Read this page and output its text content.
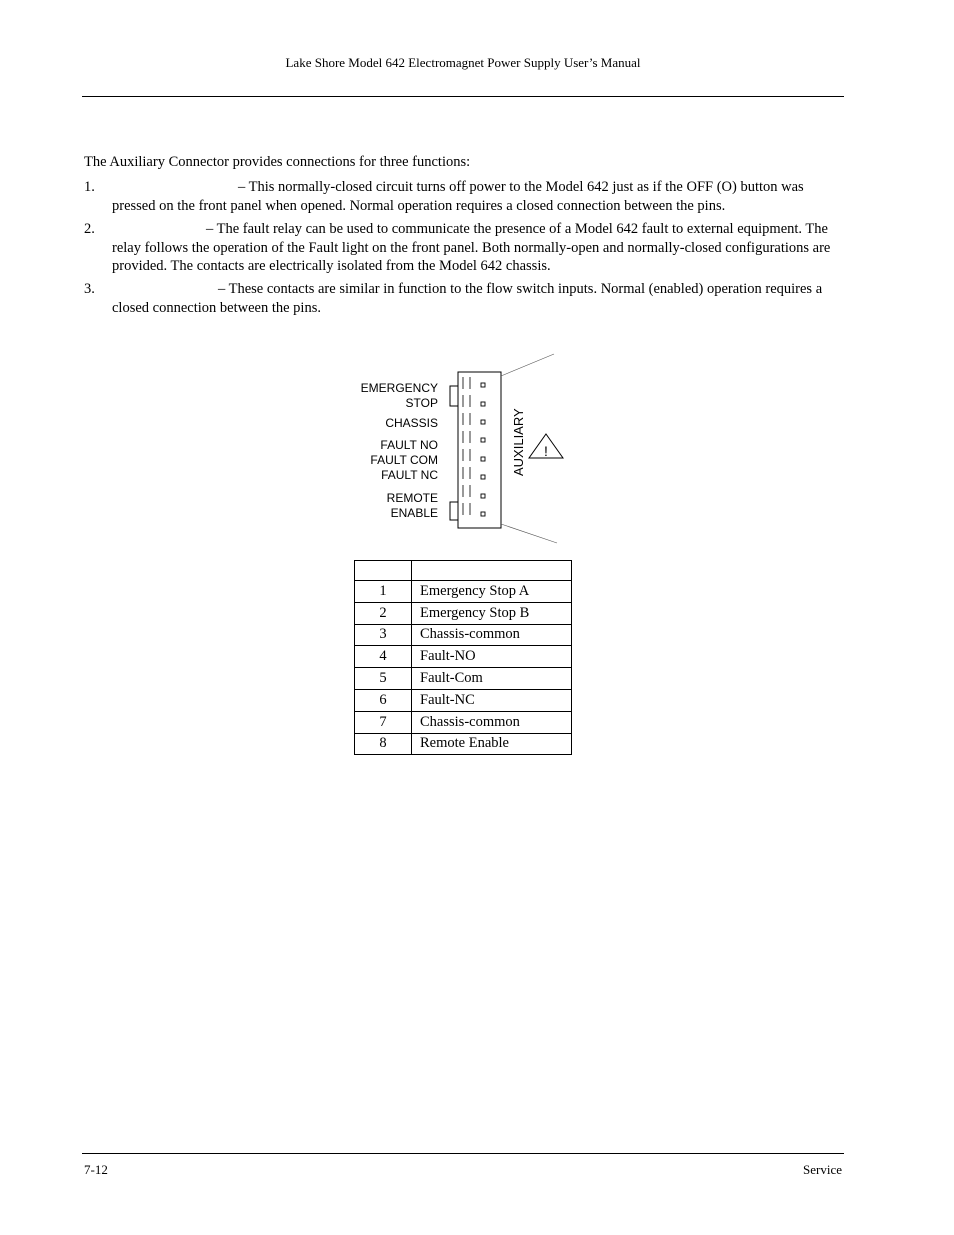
Lake Shore Model 642 Electromagnet Power Supply User’s Manual
The Auxiliary Connector provides connections for three functions:
1.	– This normally-closed circuit turns off power to the Model 642 just as if the OFF (O) button was pressed on the front panel when opened. Normal operation requires a closed connection between the pins.
2.	– The fault relay can be used to communicate the presence of a Model 642 fault to external equipment. The relay follows the operation of the Fault light on the front panel. Both normally-open and normally-closed configurations are provided. The contacts are electrically isolated from the Model 642 chassis.
3.	– These contacts are similar in function to the flow switch inputs. Normal (enabled) operation requires a closed connection between the pins.
EMERGENCY
STOP
CHASSIS
FAULT NO
FAULT COM
FAULT NC
REMOTE
ENABLE
AUXILIARY !

1	Emergency Stop A
2	Emergency Stop B
3	Chassis-common
4	Fault-NO
5	Fault-Com
6	Fault-NC
7	Chassis-common
8	Remote Enable
7-12	Service
